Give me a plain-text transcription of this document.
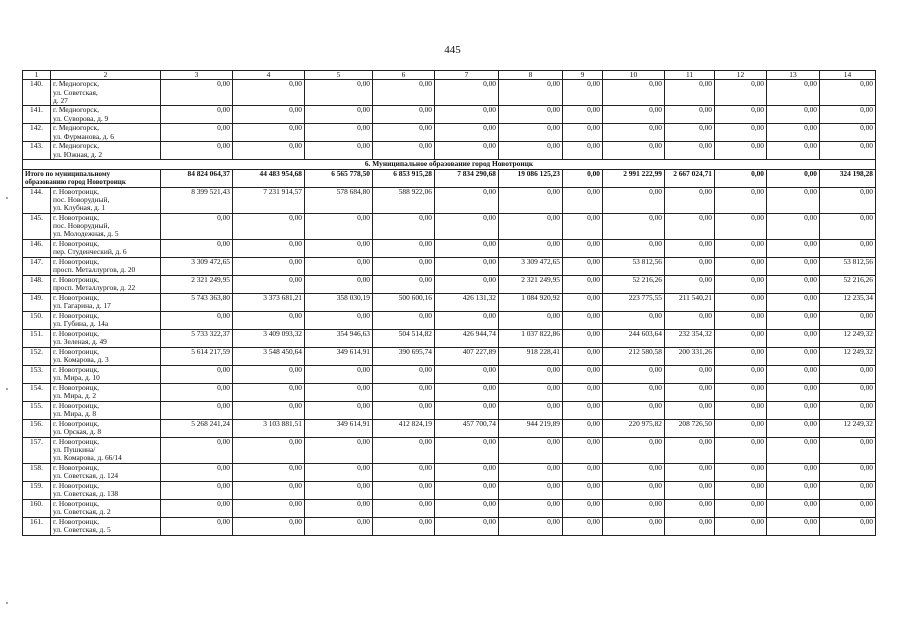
445
1	2	3	4	5	6	7	8	9	10	11	12	13	14
140.	г. Медногорск,
ул. Советская,
д. 27	0,00	0,00	0,00	0,00	0,00	0,00	0,00	0,00	0,00	0,00	0,00	0,00
141.	г. Медногорск,
ул. Суворова, д. 9	0,00	0,00	0,00	0,00	0,00	0,00	0,00	0,00	0,00	0,00	0,00	0,00
142.	г. Медногорск,
ул. Фурманова, д. 6	0,00	0,00	0,00	0,00	0,00	0,00	0,00	0,00	0,00	0,00	0,00	0,00
143.	г. Медногорск,
ул. Южная, д. 2	0,00	0,00	0,00	0,00	0,00	0,00	0,00	0,00	0,00	0,00	0,00	0,00
6. Муниципальное образование город Новотроицк													

Итого по муниципальному
образованию город Новотроицк		84 824 064,37	44 483 954,68	6 565 778,50	6 853 915,28	7 834 290,68	19 086 125,23	0,00	2 991 222,99	2 667 024,71	0,00	0,00	324 198,28
144.	г. Новотроицк,
пос. Новорудный,
ул. Клубная, д. 1	8 399 521,43	7 231 914,57	578 684,80	588 922,06	0,00	0,00	0,00	0,00	0,00	0,00	0,00	0,00
145.	г. Новотроицк,
пос. Новорудный,
ул. Молодежная, д. 5	0,00	0,00	0,00	0,00	0,00	0,00	0,00	0,00	0,00	0,00	0,00	0,00
146.	г. Новотроицк,
пер. Студенческий, д. 6	0,00	0,00	0,00	0,00	0,00	0,00	0,00	0,00	0,00	0,00	0,00	0,00
147.	г. Новотроицк,
просп. Металлургов, д. 20	3 309 472,65	0,00	0,00	0,00	0,00	3 309 472,65	0,00	53 812,56	0,00	0,00	0,00	53 812,56
148.	г. Новотроицк,
просп. Металлургов, д. 22	2 321 249,95	0,00	0,00	0,00	0,00	2 321 249,95	0,00	52 216,26	0,00	0,00	0,00	52 216,26
149.	г. Новотроицк,
ул. Гагарина, д. 17	5 743 363,80	3 373 681,21	358 030,19	500 600,16	426 131,32	1 084 920,92	0,00	223 775,55	211 540,21	0,00	0,00	12 235,34
150.	г. Новотроицк,
ул. Губина, д. 14а	0,00	0,00	0,00	0,00	0,00	0,00	0,00	0,00	0,00	0,00	0,00	0,00
151.	г. Новотроицк,
ул. Зеленая, д. 49	5 733 322,37	3 409 093,32	354 946,63	504 514,82	426 944,74	1 037 822,86	0,00	244 603,64	232 354,32	0,00	0,00	12 249,32
152.	г. Новотроицк,
ул. Комарова, д. 3	5 614 217,59	3 548 450,64	349 614,91	390 695,74	407 227,89	918 228,41	0,00	212 580,58	200 331,26	0,00	0,00	12 249,32
153.	г. Новотроицк,
ул. Мира, д. 10	0,00	0,00	0,00	0,00	0,00	0,00	0,00	0,00	0,00	0,00	0,00	0,00
154.	г. Новотроицк,
ул. Мира, д. 2	0,00	0,00	0,00	0,00	0,00	0,00	0,00	0,00	0,00	0,00	0,00	0,00
155.	г. Новотроицк,
ул. Мира, д. 8	0,00	0,00	0,00	0,00	0,00	0,00	0,00	0,00	0,00	0,00	0,00	0,00
156.	г. Новотроицк,
ул. Орская, д. 8	5 268 241,24	3 103 881,51	349 614,91	412 824,19	457 700,74	944 219,89	0,00	220 975,82	208 726,50	0,00	0,00	12 249,32
157.	г. Новотроицк,
ул. Пушкина/
ул. Комарова, д. 66/14	0,00	0,00	0,00	0,00	0,00	0,00	0,00	0,00	0,00	0,00	0,00	0,00
158.	г. Новотроицк,
ул. Советская, д. 124	0,00	0,00	0,00	0,00	0,00	0,00	0,00	0,00	0,00	0,00	0,00	0,00
159.	г. Новотроицк,
ул. Советская, д. 138	0,00	0,00	0,00	0,00	0,00	0,00	0,00	0,00	0,00	0,00	0,00	0,00
160.	г. Новотроицк,
ул. Советская, д. 2	0,00	0,00	0,00	0,00	0,00	0,00	0,00	0,00	0,00	0,00	0,00	0,00
161.	г. Новотроицк,
ул. Советская, д. 5	0,00	0,00	0,00	0,00	0,00	0,00	0,00	0,00	0,00	0,00	0,00	0,00
